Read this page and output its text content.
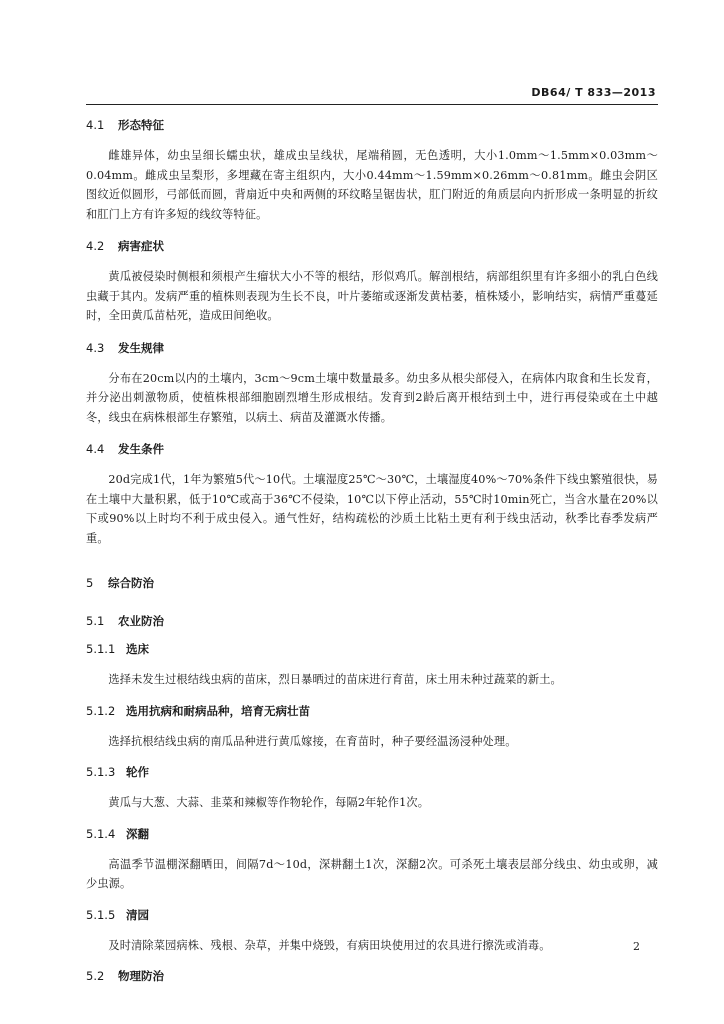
DB64/ T 833—2013
4.1 形态特征

雌雄异体，幼虫呈细长蠕虫状，雄成虫呈线状，尾端稍圆，无色透明，大小1.0mm～1.5mm×0.03mm～0.04mm。雌成虫呈梨形，多埋藏在寄主组织内，大小0.44mm～1.59mm×0.26mm～0.81mm。雌虫会阴区图纹近似圆形，弓部低而圆，背扇近中央和两侧的环纹略呈锯齿状，肛门附近的角质层向内折形成一条明显的折纹和肛门上方有许多短的线纹等特征。

4.2 病害症状

黄瓜被侵染时侧根和须根产生瘤状大小不等的根结，形似鸡爪。解剖根结，病部组织里有许多细小的乳白色线虫藏于其内。发病严重的植株则表现为生长不良，叶片萎缩或逐渐发黄枯萎，植株矮小，影响结实，病情严重蔓延时，全田黄瓜苗枯死，造成田间绝收。

4.3 发生规律

分布在20cm以内的土壤内，3cm～9cm土壤中数量最多。幼虫多从根尖部侵入，在病体内取食和生长发育，并分泌出刺激物质，使植株根部细胞剧烈增生形成根结。发育到2龄后离开根结到土中，进行再侵染或在土中越冬，线虫在病株根部生存繁殖，以病土、病苗及灌溉水传播。

4.4 发生条件

20d完成1代，1年为繁殖5代～10代。土壤湿度25℃～30℃，土壤湿度40%～70%条件下线虫繁殖很快，易在土壤中大量积累，低于10℃或高于36℃不侵染，10℃以下停止活动，55℃时10min死亡，当含水量在20%以下或90%以上时均不利于成虫侵入。通气性好，结构疏松的沙质土比粘土更有利于线虫活动，秋季比春季发病严重。

5 综合防治
5.1 农业防治
5.1.1 选床

选择未发生过根结线虫病的苗床，烈日暴晒过的苗床进行育苗，床土用未种过蔬菜的新土。

5.1.2 选用抗病和耐病品种，培育无病壮苗

选择抗根结线虫病的南瓜品种进行黄瓜嫁接，在育苗时，种子要经温汤浸种处理。

5.1.3 轮作

黄瓜与大葱、大蒜、韭菜和辣椒等作物轮作，每隔2年轮作1次。

5.1.4 深翻

高温季节温棚深翻晒田，间隔7d～10d，深耕翻土1次，深翻2次。可杀死土壤表层部分线虫、幼虫或卵，减少虫源。

5.1.5 清园

及时清除菜园病株、残根、杂草，并集中烧毁，有病田块使用过的农具进行擦洗或消毒。

5.2 物理防治
2
